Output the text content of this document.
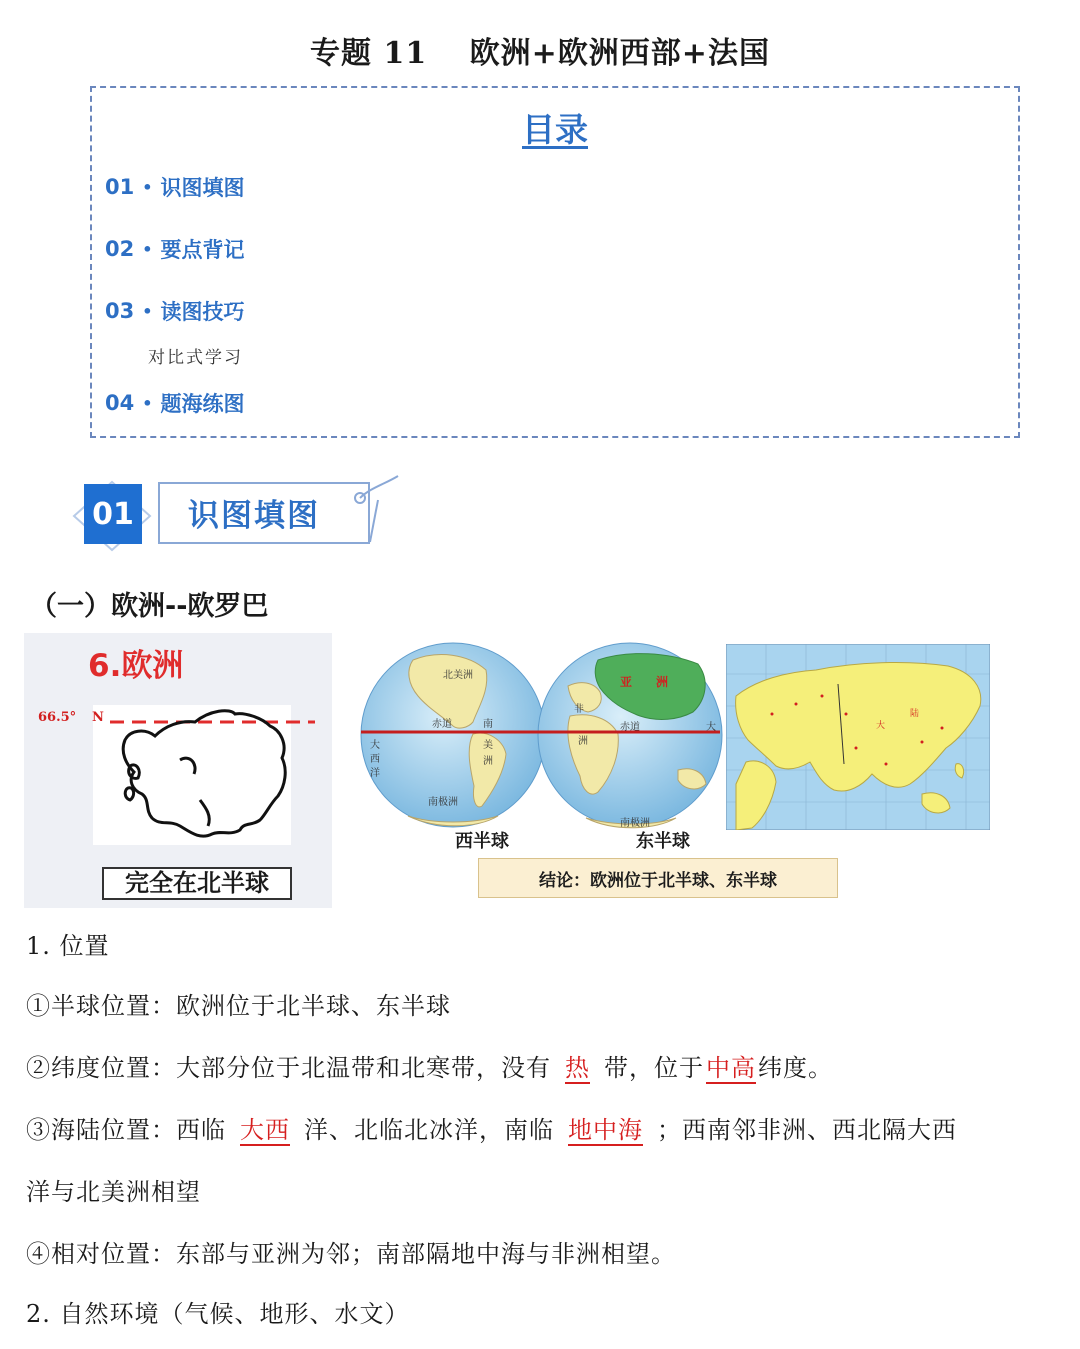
专题 11　 欧洲+欧洲西部+法国
目录
01 • 识图填图
02 • 要点背记
03 • 读图技巧
对比式学习
04 • 题海练图
01 识图填图
（一）欧洲--欧罗巴
6.欧洲
66.5° N
完全在北半球
北美洲
赤道	南
美
洲
大
西
洋
南极洲
亚 洲
非
洲
赤道	大
南极洲
西半球	东半球
大
陆
结论：欧洲位于北半球、东半球
1. 位置
①半球位置：欧洲位于北半球、东半球
②纬度位置：大部分位于北温带和北寒带，没有 热 带，位于中高纬度。
③海陆位置：西临 大西 洋、北临北冰洋，南临 地中海 ；西南邻非洲、西北隔大西
洋与北美洲相望
④相对位置：东部与亚洲为邻；南部隔地中海与非洲相望。
2. 自然环境（气候、地形、水文）
